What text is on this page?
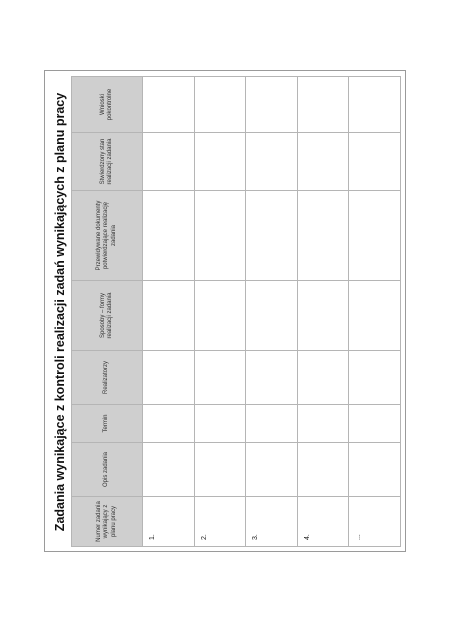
Zadania wynikające z kontroli realizacji zadań wynikających z planu pracy	Numer zadania wynikający z planu pracy	Opis zadania	Termin	Realizatorzy	Sposoby – formy realizacji zadania	Przewidywane dokumenty potwierdzające realizację zadania	Stwierdzony stan realizacji zadania	Wnioski pokontrolne

1.							
2.							
3.							
4.							
...							
